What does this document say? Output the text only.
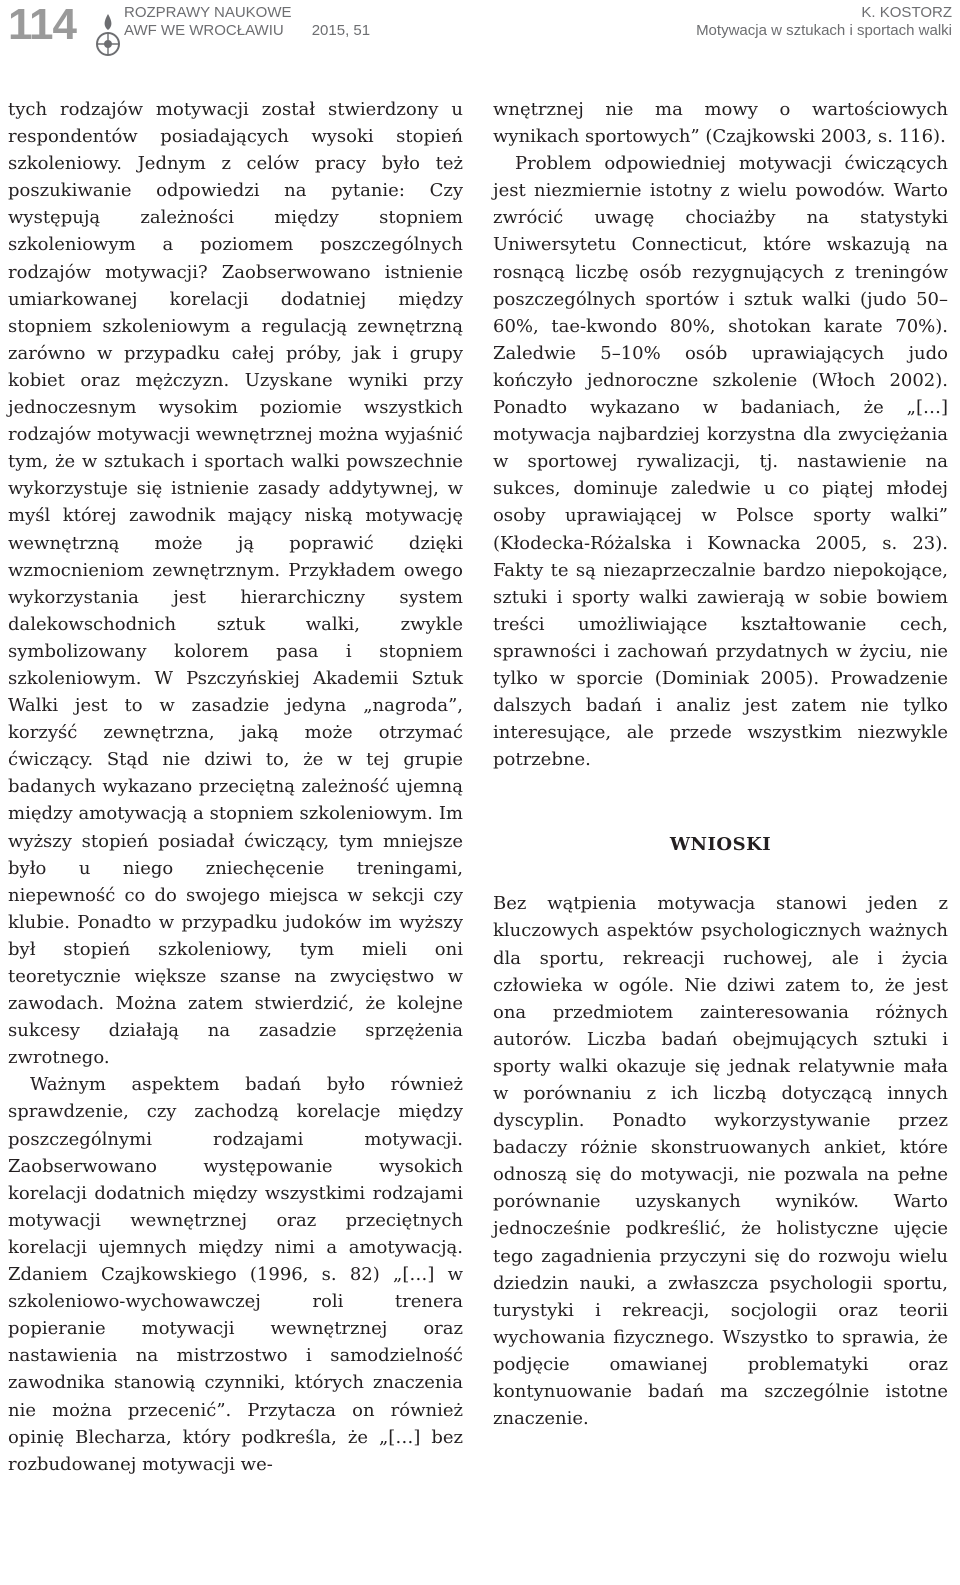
114	ROZPRAWY NAUKOWE
AWF WE WROCŁAWIU 2015, 51
K. KOSTORZ
Motywacja w sztukach i sportach walki

tych rodzajów motywacji został stwierdzony u respondentów posiadających wysoki stopień szkoleniowy. Jednym z celów pracy było też poszukiwanie odpowiedzi na pytanie: Czy występują zależności między stopniem szkoleniowym a poziomem poszczególnych rodzajów motywacji? Zaobserwowano istnienie umiarkowanej korelacji dodatniej między stopniem szkoleniowym a regulacją zewnętrzną zarówno w przypadku całej próby, jak i grupy kobiet oraz mężczyzn. Uzyskane wyniki przy jednoczesnym wysokim poziomie wszystkich rodzajów motywacji wewnętrznej można wyjaśnić tym, że w sztukach i sportach walki powszechnie wykorzystuje się istnienie zasady addytywnej, w myśl której zawodnik mający niską motywację wewnętrzną może ją poprawić dzięki wzmocnieniom zewnętrznym. Przykładem owego wykorzystania jest hierarchiczny system dalekowschodnich sztuk walki, zwykle symbolizowany kolorem pasa i stopniem szkoleniowym. W Pszczyńskiej Akademii Sztuk Walki jest to w zasadzie jedyna „nagroda”, korzyść zewnętrzna, jaką może otrzymać ćwiczący. Stąd nie dziwi to, że w tej grupie badanych wykazano przeciętną zależność ujemną między amotywacją a stopniem szkoleniowym. Im wyższy stopień posiadał ćwiczący, tym mniejsze było u niego zniechęcenie treningami, niepewność co do swojego miejsca w sekcji czy klubie. Ponadto w przypadku judoków im wyższy był stopień szkoleniowy, tym mieli oni teoretycznie większe szanse na zwycięstwo w zawodach. Można zatem stwierdzić, że kolejne sukcesy działają na zasadzie sprzężenia zwrotnego.

Ważnym aspektem badań było również sprawdzenie, czy zachodzą korelacje między poszczególnymi rodzajami motywacji. Zaobserwowano występowanie wysokich korelacji dodatnich między wszystkimi rodzajami motywacji wewnętrznej oraz przeciętnych korelacji ujemnych między nimi a amotywacją. Zdaniem Czajkowskiego (1996, s. 82) „[…] w szkoleniowo-wychowawczej roli trenera popieranie motywacji wewnętrznej oraz nastawienia na mistrzostwo i samodzielność zawodnika stanowią czynniki, których znaczenia nie można przecenić”. Przytacza on również opinię Blecharza, który podkreśla, że „[…] bez rozbudowanej motywacji we-

wnętrznej nie ma mowy o wartościowych wynikach sportowych” (Czajkowski 2003, s. 116).

Problem odpowiedniej motywacji ćwiczących jest niezmiernie istotny z wielu powodów. Warto zwrócić uwagę chociażby na statystyki Uniwersytetu Connecticut, które wskazują na rosnącą liczbę osób rezygnujących z treningów poszczególnych sportów i sztuk walki (judo 50–60%, tae-kwondo 80%, shotokan karate 70%). Zaledwie 5–10% osób uprawiających judo kończyło jednoroczne szkolenie (Włoch 2002). Ponadto wykazano w badaniach, że „[…] motywacja najbardziej korzystna dla zwyciężania w sportowej rywalizacji, tj. nastawienie na sukces, dominuje zaledwie u co piątej młodej osoby uprawiającej w Polsce sporty walki” (Kłodecka-Różalska i Kownacka 2005, s. 23). Fakty te są niezaprzeczalnie bardzo niepokojące, sztuki i sporty walki zawierają w sobie bowiem treści umożliwiające kształtowanie cech, sprawności i zachowań przydatnych w życiu, nie tylko w sporcie (Dominiak 2005). Prowadzenie dalszych badań i analiz jest zatem nie tylko interesujące, ale przede wszystkim niezwykle potrzebne.

WNIOSKI

Bez wątpienia motywacja stanowi jeden z kluczowych aspektów psychologicznych ważnych dla sportu, rekreacji ruchowej, ale i życia człowieka w ogóle. Nie dziwi zatem to, że jest ona przedmiotem zainteresowania różnych autorów. Liczba badań obejmujących sztuki i sporty walki okazuje się jednak relatywnie mała w porównaniu z ich liczbą dotyczącą innych dyscyplin. Ponadto wykorzystywanie przez badaczy różnie skonstruowanych ankiet, które odnoszą się do motywacji, nie pozwala na pełne porównanie uzyskanych wyników. Warto jednocześnie podkreślić, że holistyczne ujęcie tego zagadnienia przyczyni się do rozwoju wielu dziedzin nauki, a zwłaszcza psychologii sportu, turystyki i rekreacji, socjologii oraz teorii wychowania fizycznego. Wszystko to sprawia, że podjęcie omawianej problematyki oraz kontynuowanie badań ma szczególnie istotne znaczenie.
